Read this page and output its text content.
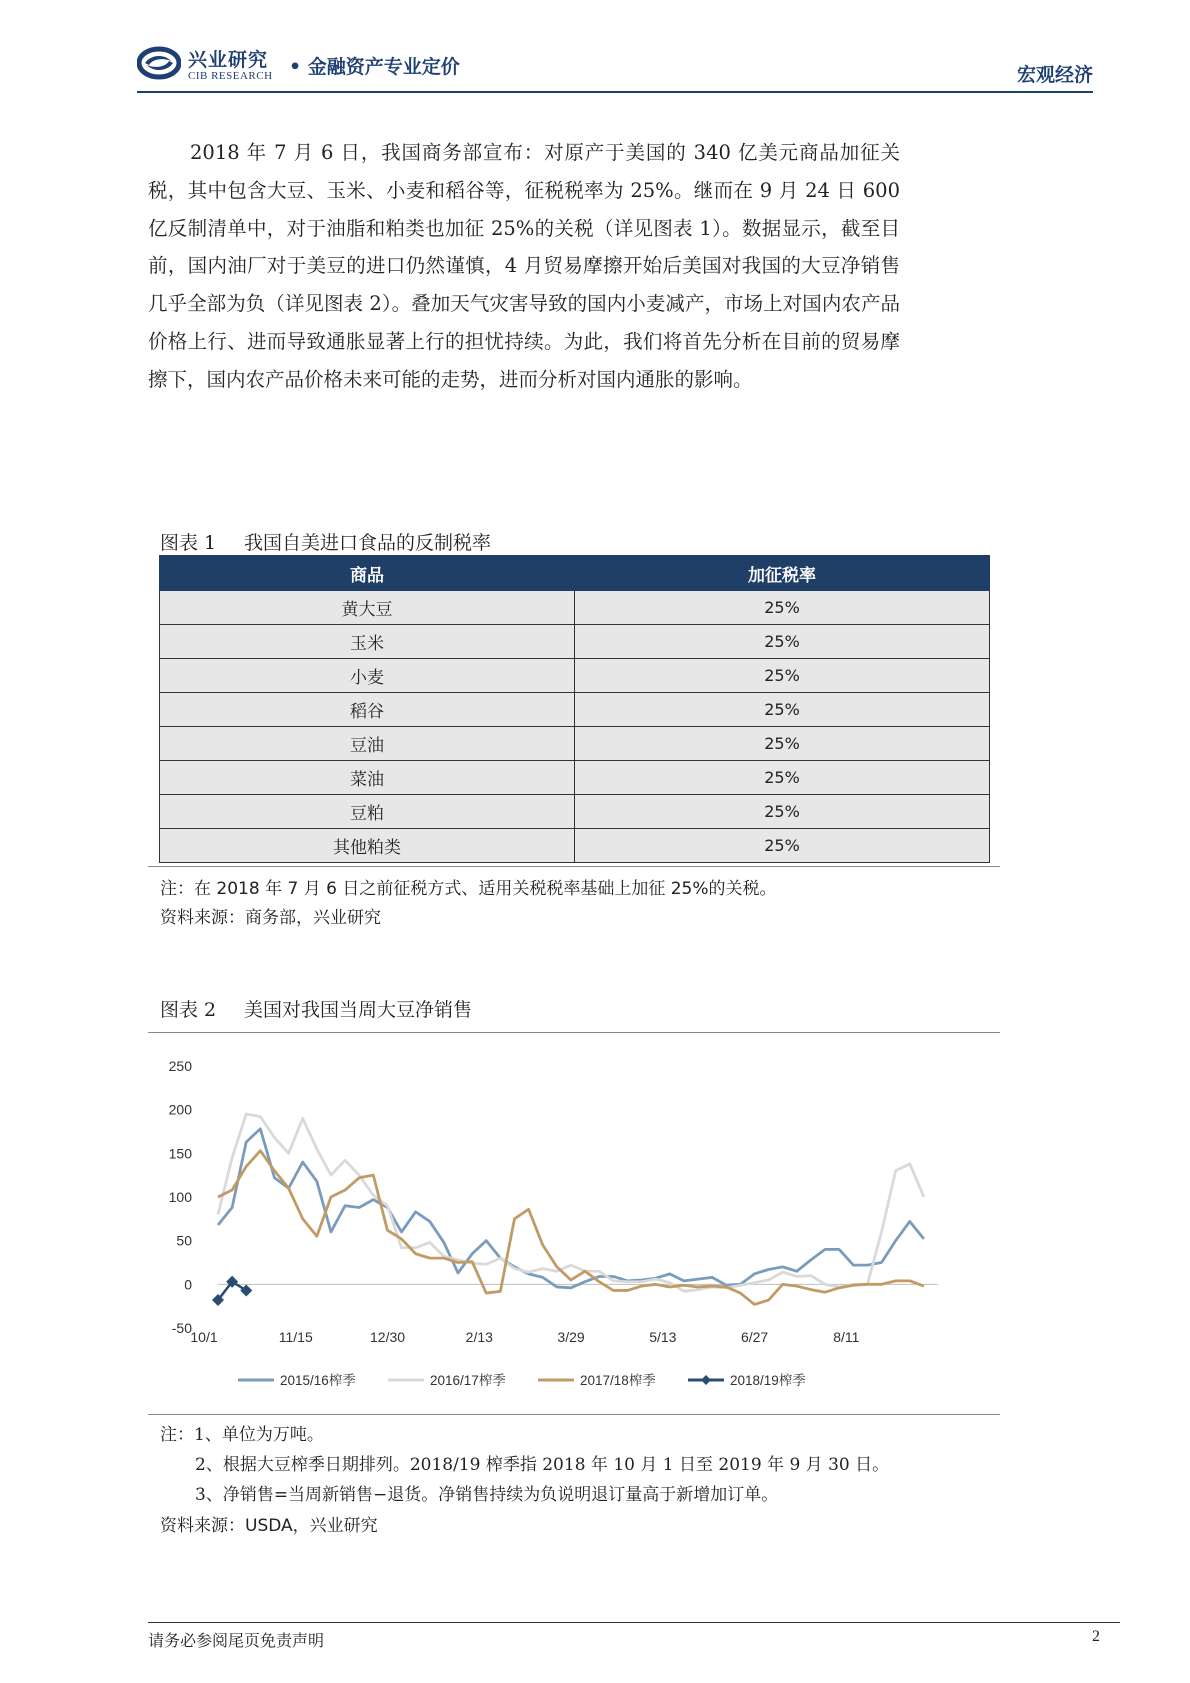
兴业研究
CIB RESEARCH • 金融资产专业定价	宏观经济

2018 年 7 月 6 日，我国商务部宣布：对原产于美国的 340 亿美元商品加征关税，其中包含大豆、玉米、小麦和稻谷等，征税税率为 25%。继而在 9 月 24 日 600 亿反制清单中，对于油脂和粕类也加征 25%的关税（详见图表 1）。数据显示，截至目前，国内油厂对于美豆的进口仍然谨慎，4 月贸易摩擦开始后美国对我国的大豆净销售几乎全部为负（详见图表 2）。叠加天气灾害导致的国内小麦减产，市场上对国内农产品价格上行、进而导致通胀显著上行的担忧持续。为此，我们将首先分析在目前的贸易摩擦下，国内农产品价格未来可能的走势，进而分析对国内通胀的影响。

图表 1 我国自美进口食品的反制税率
商品	加征税率
黄大豆	25%
玉米	25%
小麦	25%
稻谷	25%
豆油	25%
菜油	25%
豆粕	25%
其他粕类	25%
注：在 2018 年 7 月 6 日之前征税方式、适用关税税率基础上加征 25%的关税。
资料来源：商务部，兴业研究
图表 2 美国对我国当周大豆净销售
-50
0
50
100
150
200
250
10/1	11/15	12/30	2/13	3/29	5/13	6/27	8/11
2015/16榨季	2016/17榨季	2017/18榨季	2018/19榨季
注：1、单位为万吨。
2、根据大豆榨季日期排列。2018/19 榨季指 2018 年 10 月 1 日至 2019 年 9 月 30 日。
3、净销售=当周新销售−退货。净销售持续为负说明退订量高于新增加订单。
资料来源：USDA，兴业研究
请务必参阅尾页免责声明	2
